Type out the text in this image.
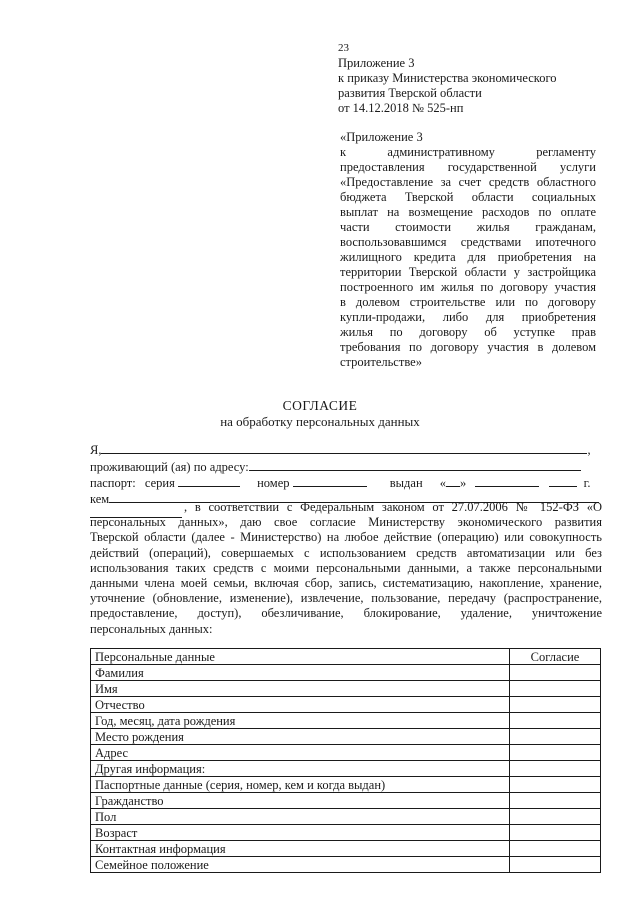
23
Приложение 3
к приказу Министерства экономического
развития Тверской области
от 14.12.2018 № 525-нп
«Приложение 3
к административному регламенту
предоставления государственной услуги
«Предоставление за счет средств областного
бюджета Тверской области социальных
выплат на возмещение расходов по оплате
части стоимости жилья гражданам,
воспользовавшимся средствами ипотечного
жилищного кредита для приобретения на
территории Тверской области у застройщика
построенного им жилья по договору участия
в долевом строительстве или по договору
купли-продажи, либо для приобретения
жилья по договору об уступке прав
требования по договору участия в долевом
строительстве»
СОГЛАСИЕ
на обработку персональных данных
Я,	,
проживающий (ая) по адресу:
паспорт: серия	номер	выдан « »	г.
кем
, в соответствии с Федеральным законом от 27.07.2006 № 152-ФЗ «О
персональных данных», даю свое согласие Министерству экономического развития
Тверской области (далее - Министерство) на любое действие (операцию) или совокупность
действий (операций), совершаемых с использованием средств автоматизации или без
использования таких средств с моими персональными данными, а также персональными
данными члена моей семьи, включая сбор, запись, систематизацию, накопление, хранение,
уточнение (обновление, изменение), извлечение, пользование, передачу (распространение,
предоставление, доступ), обезличивание, блокирование, удаление, уничтожение
персональных данных:
Персональные данные	Согласие
Фамилия	
Имя	
Отчество	
Год, месяц, дата рождения	
Место рождения	
Адрес	
Другая информация:	
Паспортные данные (серия, номер, кем и когда выдан)	
Гражданство	
Пол	
Возраст	
Контактная информация	
Семейное положение	
